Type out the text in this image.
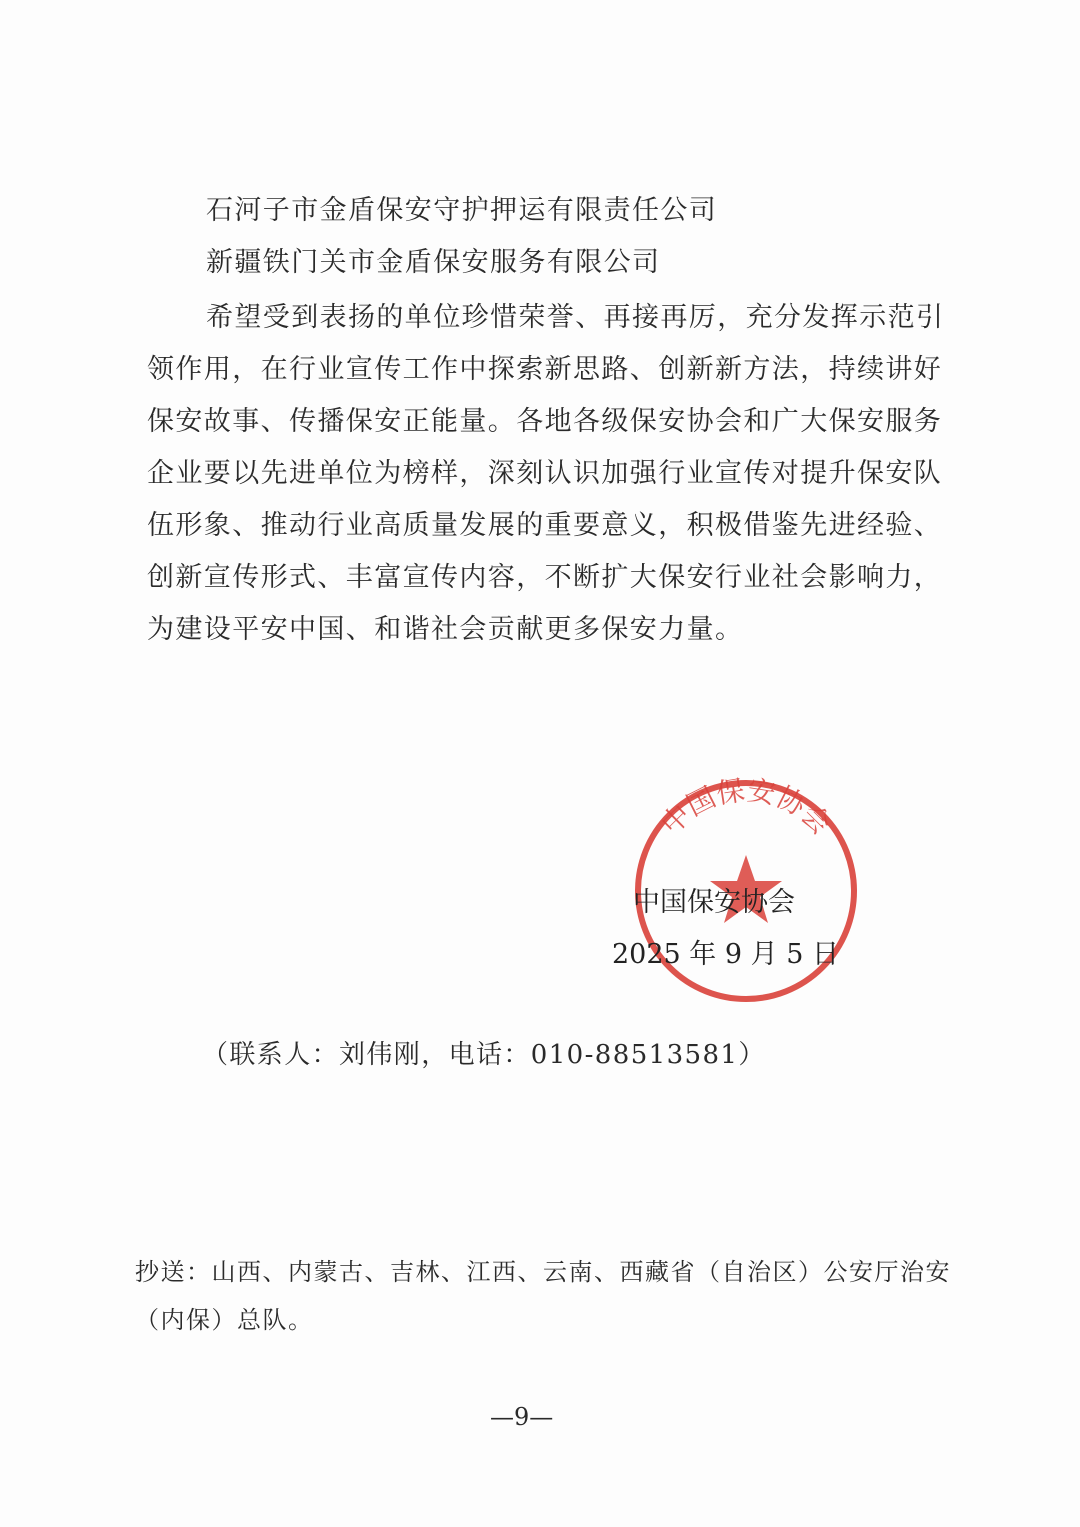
石河子市金盾保安守护押运有限责任公司
新疆铁门关市金盾保安服务有限公司
希望受到表扬的单位珍惜荣誉、再接再厉，充分发挥示范引
领作用，在行业宣传工作中探索新思路、创新新方法，持续讲好
保安故事、传播保安正能量。各地各级保安协会和广大保安服务
企业要以先进单位为榜样，深刻认识加强行业宣传对提升保安队
伍形象、推动行业高质量发展的重要意义，积极借鉴先进经验、
创新宣传形式、丰富宣传内容，不断扩大保安行业社会影响力，
为建设平安中国、和谐社会贡献更多保安力量。
中国保安协会
中国保安协会
2025 年 9 月 5 日
（联系人：刘伟刚，电话：010-88513581）
抄送：山西、内蒙古、吉林、江西、云南、西藏省（自治区）公安厅治安
（内保）总队。
—9—
